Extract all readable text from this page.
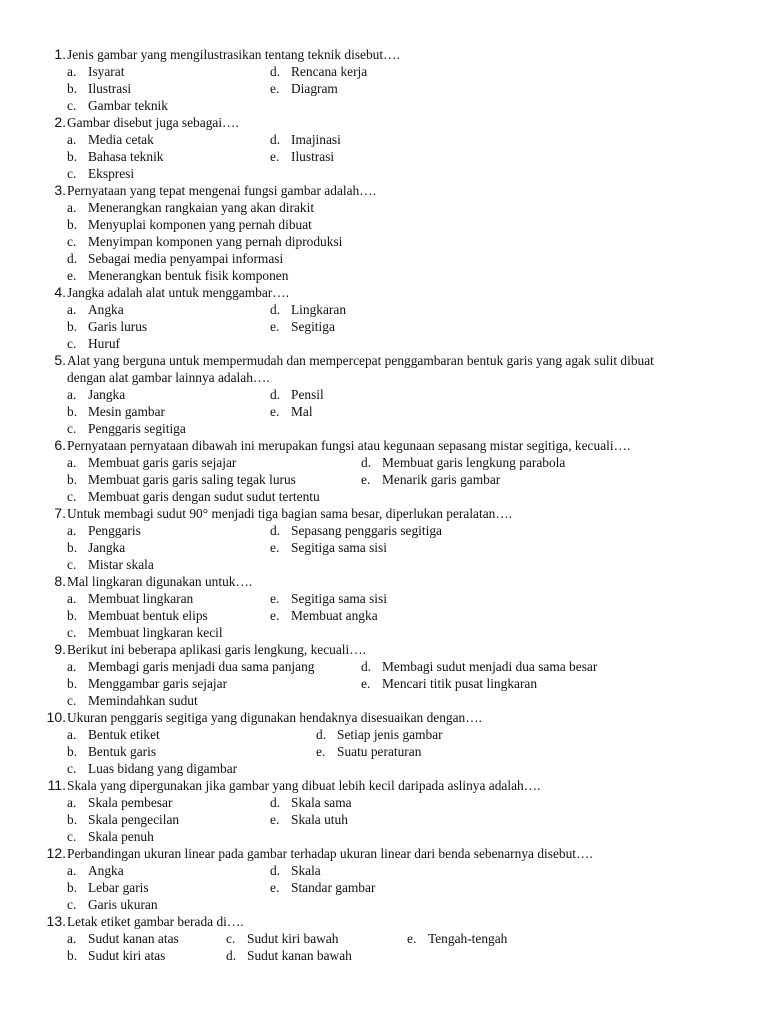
1. Jenis gambar yang mengilustrasikan tentang teknik disebut….
a. Isyarat	d. Rencana kerja
b. Ilustrasi	e. Diagram
c. Gambar teknik
2. Gambar disebut juga sebagai….
a. Media cetak	d. Imajinasi
b. Bahasa teknik	e. Ilustrasi
c. Ekspresi
3. Pernyataan yang tepat mengenai fungsi gambar adalah….
a. Menerangkan rangkaian yang akan dirakit
b. Menyuplai komponen yang pernah dibuat
c. Menyimpan komponen yang pernah diproduksi
d. Sebagai media penyampai informasi
e. Menerangkan bentuk fisik komponen
4. Jangka adalah alat untuk menggambar….
a. Angka	d. Lingkaran
b. Garis lurus	e. Segitiga
c. Huruf
5. Alat yang berguna untuk mempermudah dan mempercepat penggambaran bentuk garis yang agak sulit dibuat
dengan alat gambar lainnya adalah….
a. Jangka	d. Pensil
b. Mesin gambar	e. Mal
c. Penggaris segitiga
6. Pernyataan pernyataan dibawah ini merupakan fungsi atau kegunaan sepasang mistar segitiga, kecuali….
a. Membuat garis garis sejajar	d. Membuat garis lengkung parabola
b. Membuat garis garis saling tegak lurus	e. Menarik garis gambar
c. Membuat garis dengan sudut sudut tertentu
7. Untuk membagi sudut 90° menjadi tiga bagian sama besar, diperlukan peralatan….
a. Penggaris	d. Sepasang penggaris segitiga
b. Jangka	e. Segitiga sama sisi
c. Mistar skala
8. Mal lingkaran digunakan untuk….
a. Membuat lingkaran	e. Segitiga sama sisi
b. Membuat bentuk elips	e. Membuat angka
c. Membuat lingkaran kecil
9. Berikut ini beberapa aplikasi garis lengkung, kecuali….
a. Membagi garis menjadi dua sama panjang	d. Membagi sudut menjadi dua sama besar
b. Menggambar garis sejajar	e. Mencari titik pusat lingkaran
c. Memindahkan sudut
10. Ukuran penggaris segitiga yang digunakan hendaknya disesuaikan dengan….
a. Bentuk etiket	d. Setiap jenis gambar
b. Bentuk garis	e. Suatu peraturan
c. Luas bidang yang digambar
11. Skala yang dipergunakan jika gambar yang dibuat lebih kecil daripada aslinya adalah….
a. Skala pembesar	d. Skala sama
b. Skala pengecilan	e. Skala utuh
c. Skala penuh
12. Perbandingan ukuran linear pada gambar terhadap ukuran linear dari benda sebenarnya disebut….
a. Angka	d. Skala
b. Lebar garis	e. Standar gambar
c. Garis ukuran
13. Letak etiket gambar berada di….
a. Sudut kanan atas	c. Sudut kiri bawah	e. Tengah-tengah
b. Sudut kiri atas	d. Sudut kanan bawah
